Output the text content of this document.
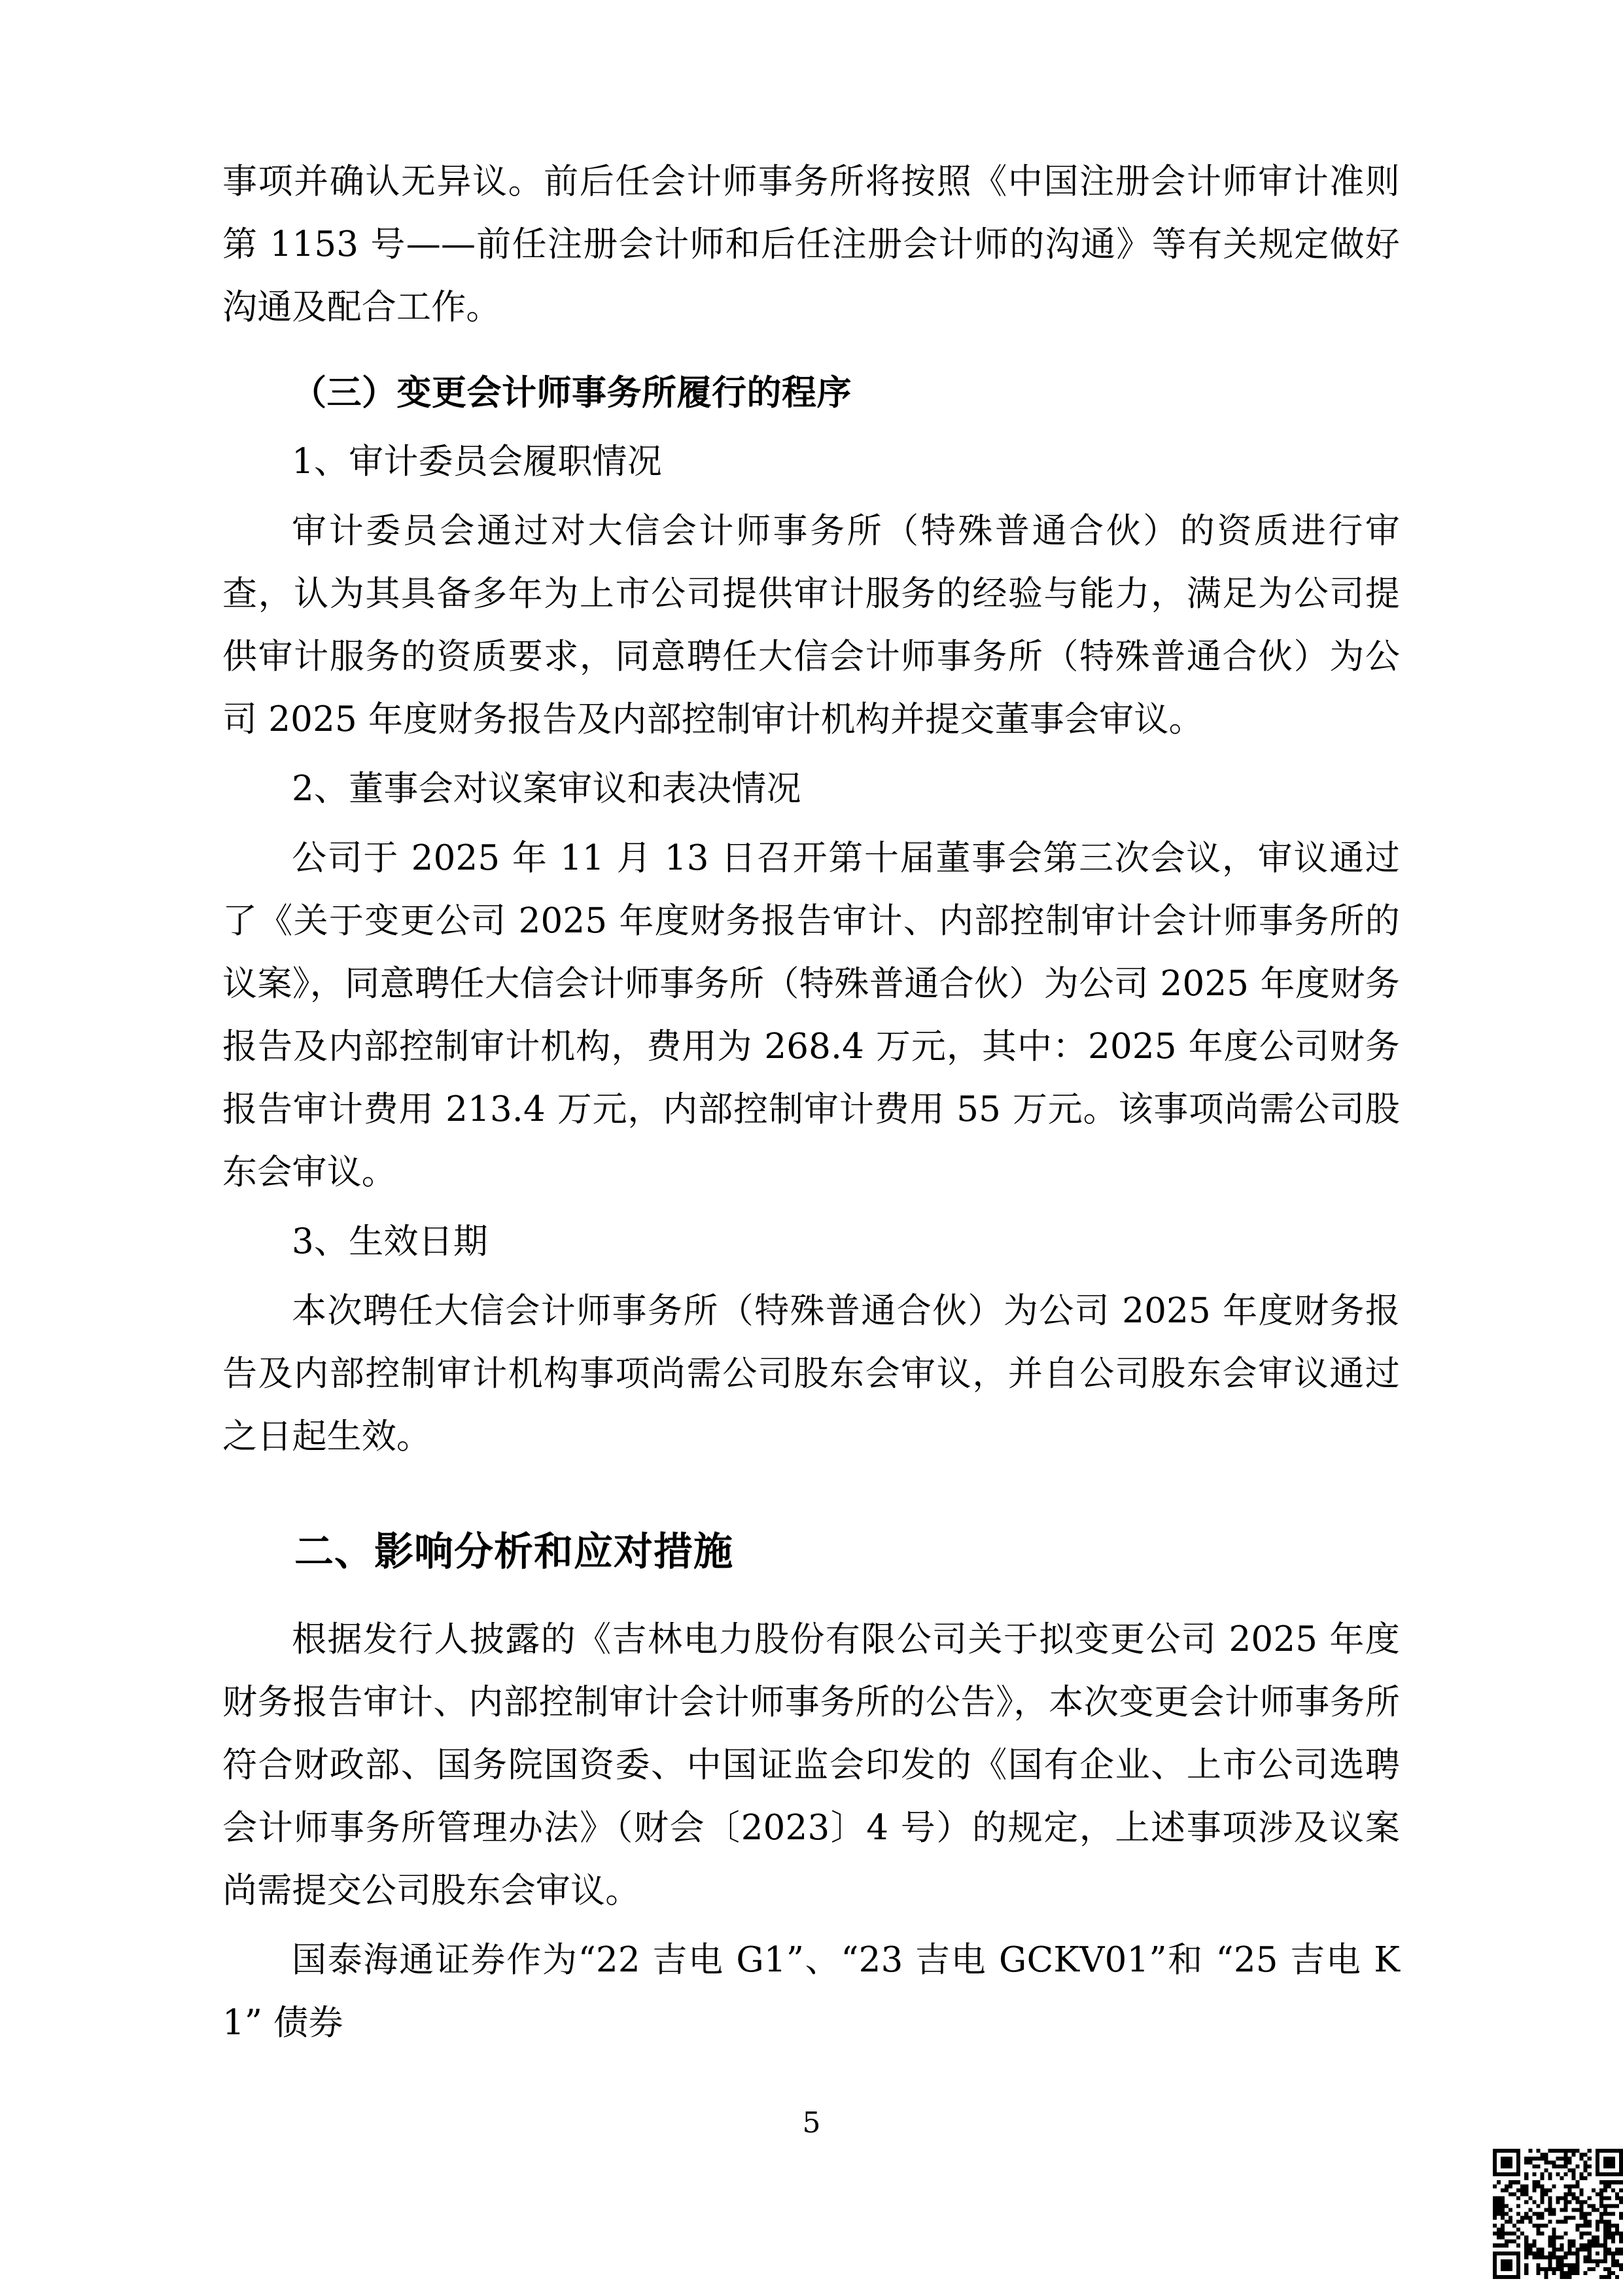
事项并确认无异议。前后任会计师事务所将按照《中国注册会计师审计准则第 1153 号——前任注册会计师和后任注册会计师的沟通》等有关规定做好沟通及配合工作。

（三）变更会计师事务所履行的程序

1、审计委员会履职情况

审计委员会通过对大信会计师事务所（特殊普通合伙）的资质进行审查，认为其具备多年为上市公司提供审计服务的经验与能力，满足为公司提供审计服务的资质要求，同意聘任大信会计师事务所（特殊普通合伙）为公司 2025 年度财务报告及内部控制审计机构并提交董事会审议。

2、董事会对议案审议和表决情况

公司于 2025 年 11 月 13 日召开第十届董事会第三次会议，审议通过了《关于变更公司 2025 年度财务报告审计、内部控制审计会计师事务所的议案》，同意聘任大信会计师事务所（特殊普通合伙）为公司 2025 年度财务报告及内部控制审计机构，费用为 268.4 万元，其中：2025 年度公司财务报告审计费用 213.4 万元，内部控制审计费用 55 万元。该事项尚需公司股东会审议。

3、生效日期

本次聘任大信会计师事务所（特殊普通合伙）为公司 2025 年度财务报告及内部控制审计机构事项尚需公司股东会审议，并自公司股东会审议通过之日起生效。

二、影响分析和应对措施

根据发行人披露的《吉林电力股份有限公司关于拟变更公司 2025 年度财务报告审计、内部控制审计会计师事务所的公告》，本次变更会计师事务所符合财政部、国务院国资委、中国证监会印发的《国有企业、上市公司选聘会计师事务所管理办法》（财会〔2023〕4 号）的规定，上述事项涉及议案尚需提交公司股东会审议。

国泰海通证券作为“22 吉电 G1”、“23 吉电 GCKV01”和 “25 吉电 K1” 债券

5
